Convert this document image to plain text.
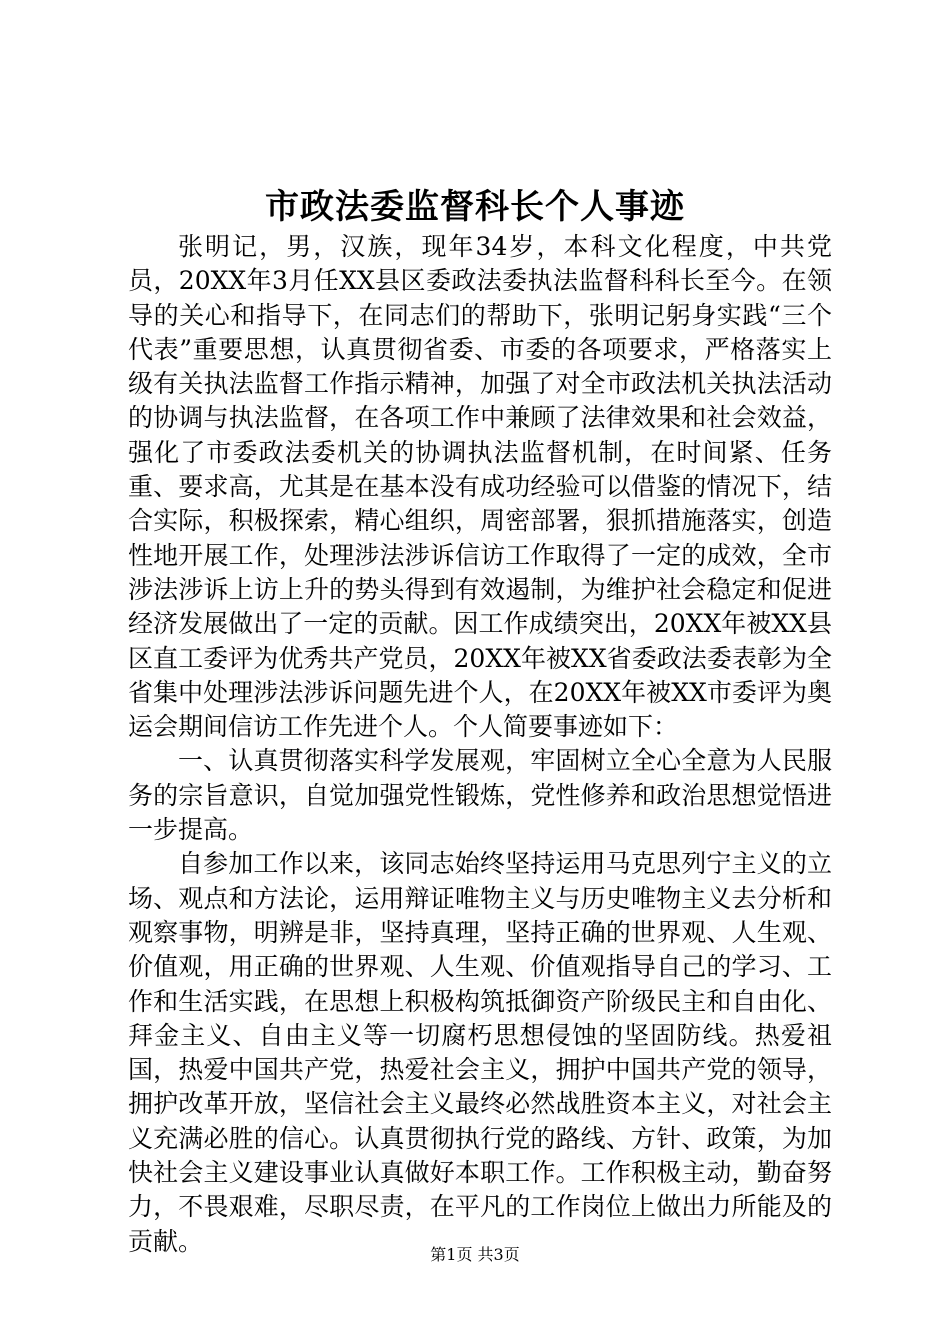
市政法委监督科长个人事迹

张明记，男，汉族，现年34岁，本科文化程度，中共党员，20XX年3月任XX县区委政法委执法监督科科长至今。在领导的关心和指导下，在同志们的帮助下，张明记躬身实践“三个代表”重要思想，认真贯彻省委、市委的各项要求，严格落实上级有关执法监督工作指示精神，加强了对全市政法机关执法活动的协调与执法监督，在各项工作中兼顾了法律效果和社会效益，强化了市委政法委机关的协调执法监督机制，在时间紧、任务重、要求高，尤其是在基本没有成功经验可以借鉴的情况下，结合实际，积极探索，精心组织，周密部署，狠抓措施落实，创造性地开展工作，处理涉法涉诉信访工作取得了一定的成效，全市涉法涉诉上访上升的势头得到有效遏制，为维护社会稳定和促进经济发展做出了一定的贡献。因工作成绩突出，20XX年被XX县区直工委评为优秀共产党员，20XX年被XX省委政法委表彰为全省集中处理涉法涉诉问题先进个人，在20XX年被XX市委评为奥运会期间信访工作先进个人。个人简要事迹如下：

一、认真贯彻落实科学发展观，牢固树立全心全意为人民服务的宗旨意识，自觉加强党性锻炼，党性修养和政治思想觉悟进一步提高。

自参加工作以来，该同志始终坚持运用马克思列宁主义的立场、观点和方法论，运用辩证唯物主义与历史唯物主义去分析和观察事物，明辨是非，坚持真理，坚持正确的世界观、人生观、价值观，用正确的世界观、人生观、价值观指导自己的学习、工作和生活实践，在思想上积极构筑抵御资产阶级民主和自由化、拜金主义、自由主义等一切腐朽思想侵蚀的坚固防线。热爱祖国，热爱中国共产党，热爱社会主义，拥护中国共产党的领导，拥护改革开放，坚信社会主义最终必然战胜资本主义，对社会主义充满必胜的信心。认真贯彻执行党的路线、方针、政策，为加快社会主义建设事业认真做好本职工作。工作积极主动，勤奋努力，不畏艰难，尽职尽责，在平凡的工作岗位上做出力所能及的贡献。	第1页 共3页
